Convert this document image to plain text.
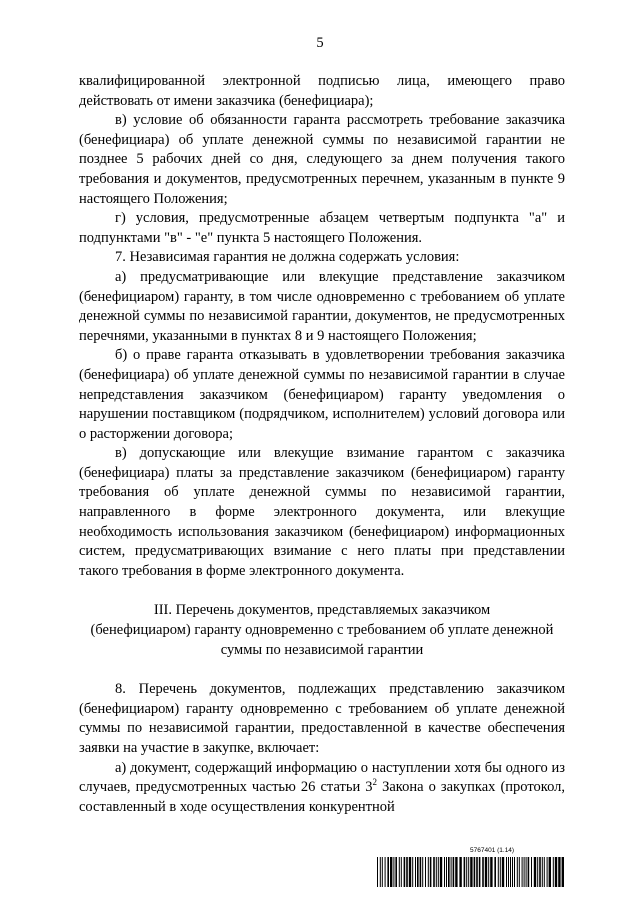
5

квалифицированной электронной подписью лица, имеющего право действовать от имени заказчика (бенефициара);

в) условие об обязанности гаранта рассмотреть требование заказчика (бенефициара) об уплате денежной суммы по независимой гарантии не позднее 5 рабочих дней со дня, следующего за днем получения такого требования и документов, предусмотренных перечнем, указанным в пункте 9 настоящего Положения;

г) условия, предусмотренные абзацем четвертым подпункта "а" и подпунктами "в" - "е" пункта 5 настоящего Положения.

7. Независимая гарантия не должна содержать условия:

а) предусматривающие или влекущие представление заказчиком (бенефициаром) гаранту, в том числе одновременно с требованием об уплате денежной суммы по независимой гарантии, документов, не предусмотренных перечнями, указанными в пунктах 8 и 9 настоящего Положения;

б) о праве гаранта отказывать в удовлетворении требования заказчика (бенефициара) об уплате денежной суммы по независимой гарантии в случае непредставления заказчиком (бенефициаром) гаранту уведомления о нарушении поставщиком (подрядчиком, исполнителем) условий договора или о расторжении договора;

в) допускающие или влекущие взимание гарантом с заказчика (бенефициара) платы за представление заказчиком (бенефициаром) гаранту требования об уплате денежной суммы по независимой гарантии, направленного в форме электронного документа, или влекущие необходимость использования заказчиком (бенефициаром) информационных систем, предусматривающих взимание с него платы при представлении такого требования в форме электронного документа.

III. Перечень документов, представляемых заказчиком
(бенефициаром) гаранту одновременно с требованием об уплате денежной
суммы по независимой гарантии

8. Перечень документов, подлежащих представлению заказчиком (бенефициаром) гаранту одновременно с требованием об уплате денежной суммы по независимой гарантии, предоставленной в качестве обеспечения заявки на участие в закупке, включает:

а) документ, содержащий информацию о наступлении хотя бы одного из случаев, предусмотренных частью 26 статьи $3^2$ Закона о закупках (протокол, составленный в ходе осуществления конкурентной

5767401 (1.14)
